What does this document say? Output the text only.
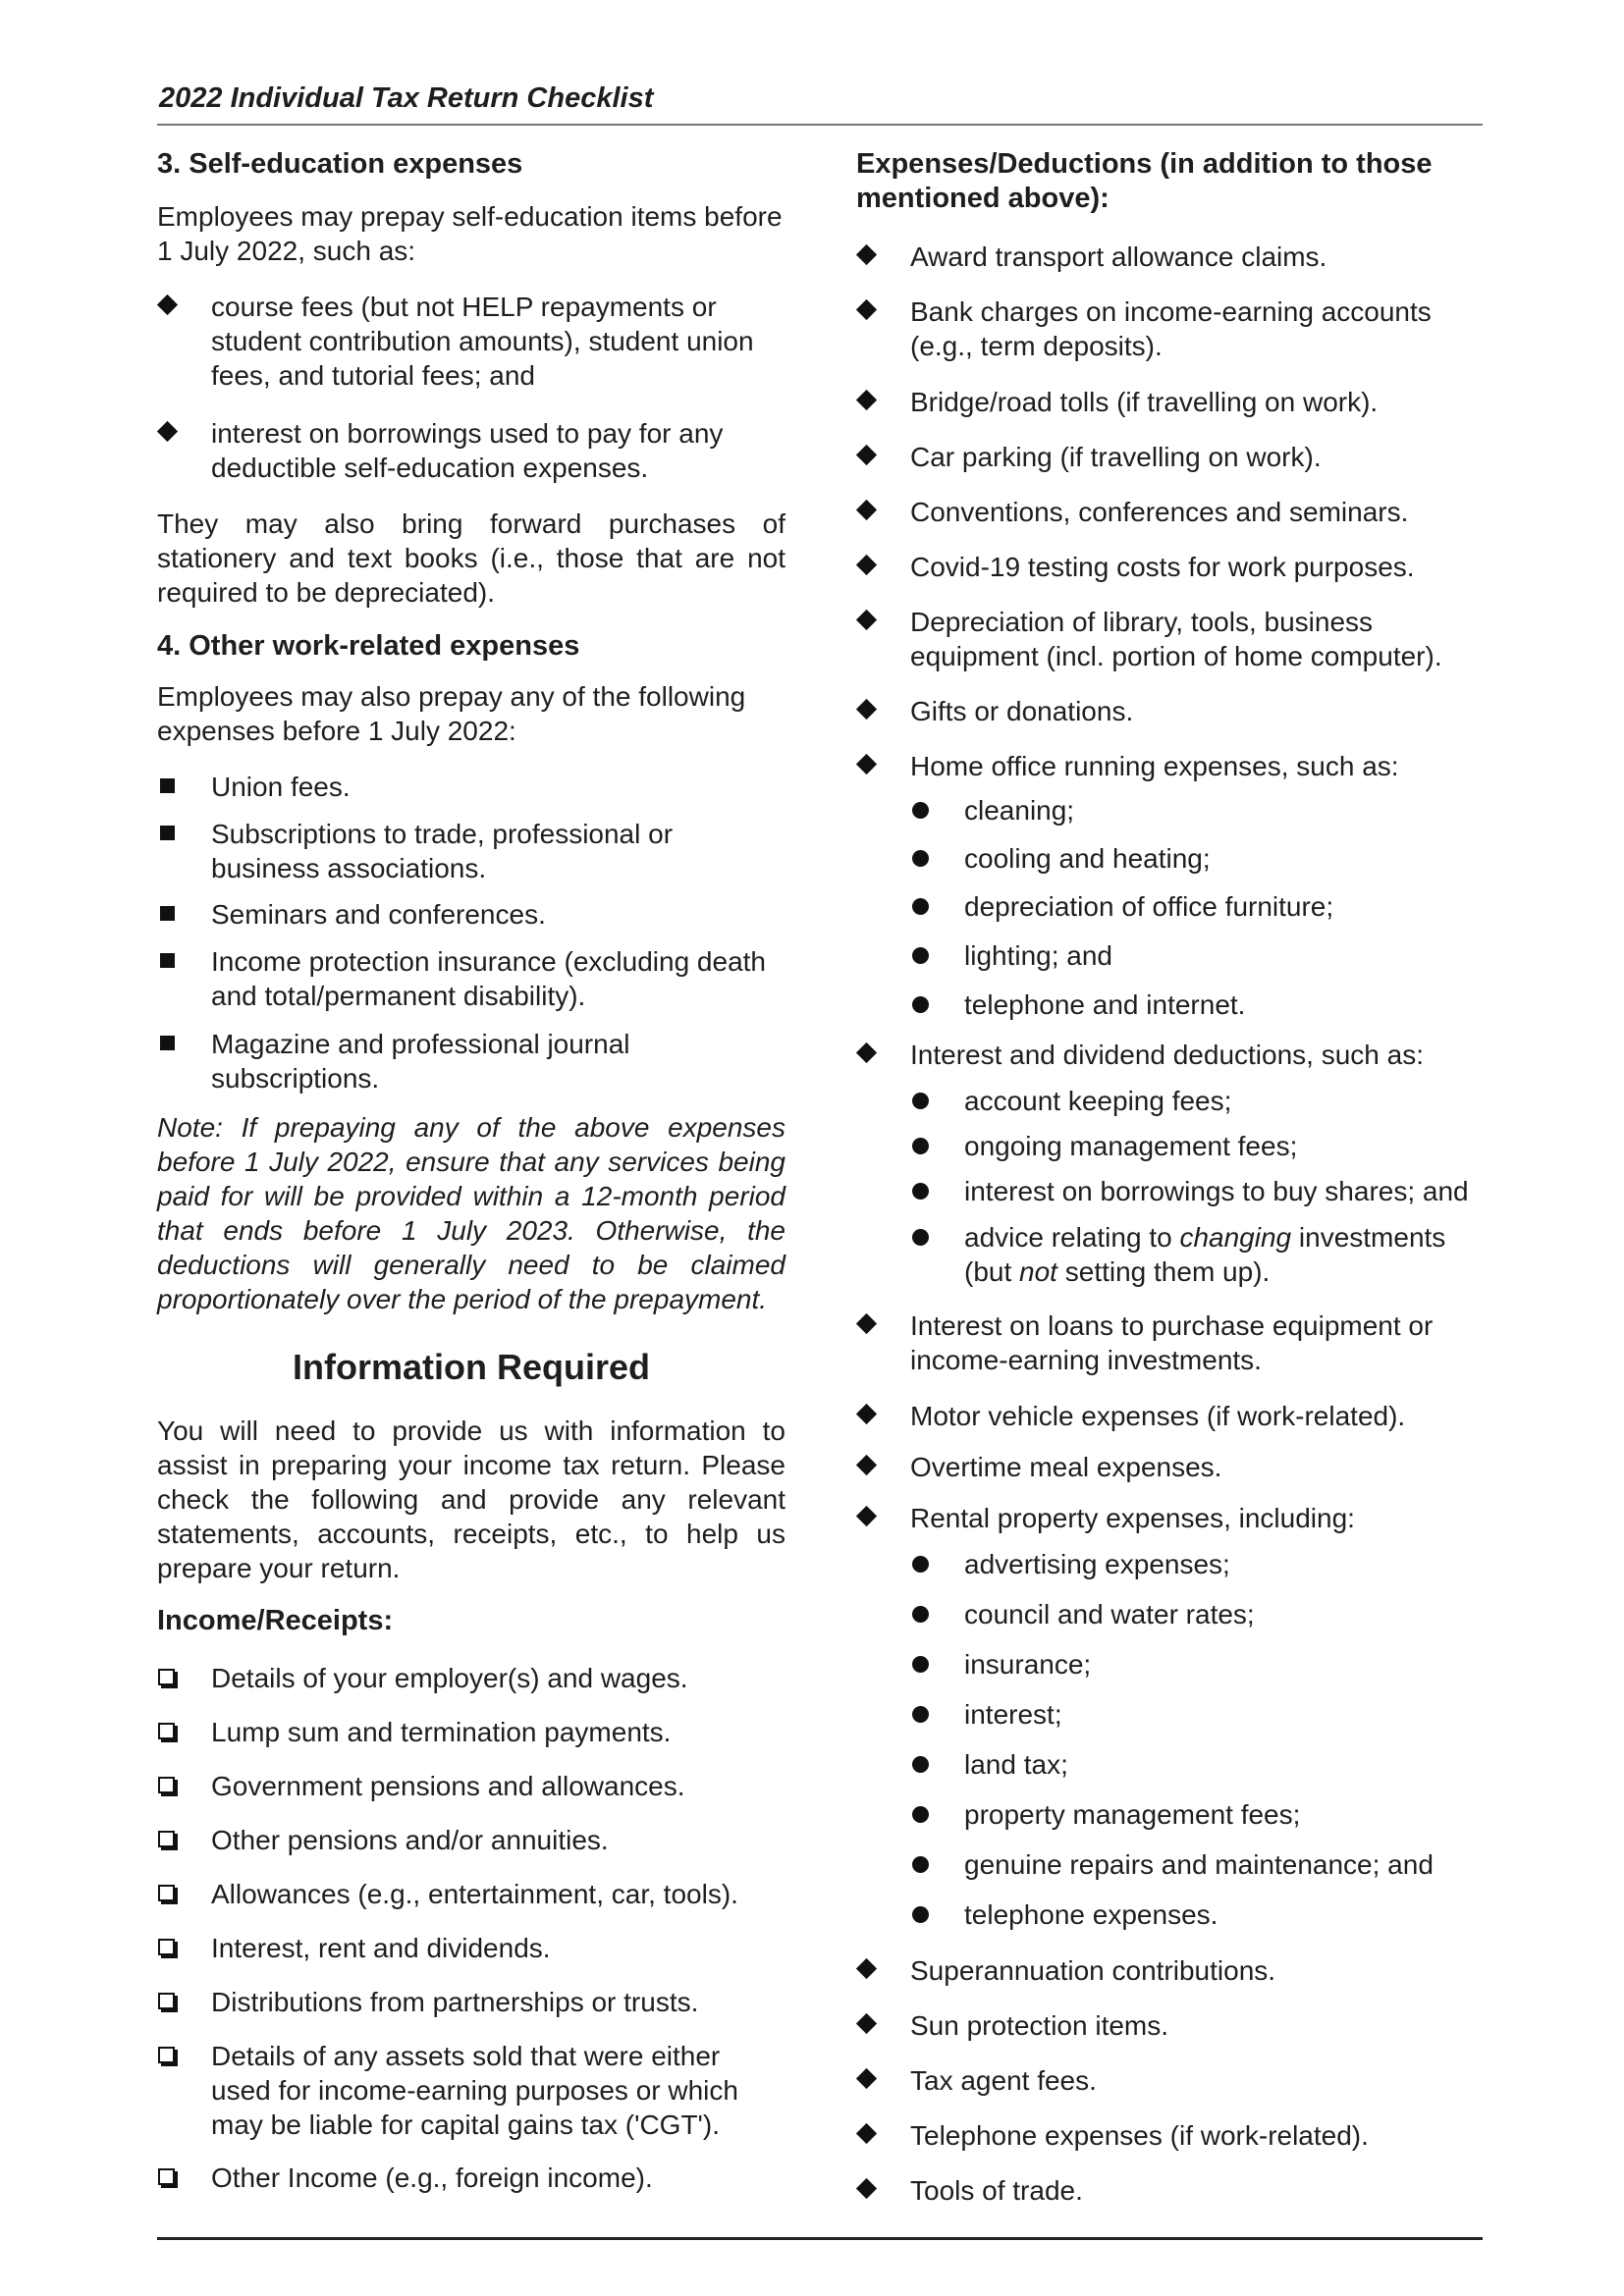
2022 Individual Tax Return Checklist
3. Self-education expenses
Employees may prepay self-education items before 1 July 2022, such as:
course fees (but not HELP repayments or student contribution amounts), student union fees, and tutorial fees; and
interest on borrowings used to pay for any deductible self-education expenses.
They may also bring forward purchases of stationery and text books (i.e., those that are not required to be depreciated).
4. Other work-related expenses
Employees may also prepay any of the following expenses before 1 July 2022:
Union fees.
Subscriptions to trade, professional or business associations.
Seminars and conferences.
Income protection insurance (excluding death and total/permanent disability).
Magazine and professional journal subscriptions.
Note: If prepaying any of the above expenses before 1 July 2022, ensure that any services being paid for will be provided within a 12-month period that ends before 1 July 2023. Otherwise, the deductions will generally need to be claimed proportionately over the period of the prepayment.
Information Required
You will need to provide us with information to assist in preparing your income tax return. Please check the following and provide any relevant statements, accounts, receipts, etc., to help us prepare your return.
Income/Receipts:
Details of your employer(s) and wages.
Lump sum and termination payments.
Government pensions and allowances.
Other pensions and/or annuities.
Allowances (e.g., entertainment, car, tools).
Interest, rent and dividends.
Distributions from partnerships or trusts.
Details of any assets sold that were either used for income-earning purposes or which may be liable for capital gains tax ('CGT').
Other Income (e.g., foreign income).
Expenses/Deductions (in addition to those mentioned above):
Award transport allowance claims.
Bank charges on income-earning accounts (e.g., term deposits).
Bridge/road tolls (if travelling on work).
Car parking (if travelling on work).
Conventions, conferences and seminars.
Covid-19 testing costs for work purposes.
Depreciation of library, tools, business equipment (incl. portion of home computer).
Gifts or donations.
Home office running expenses, such as:
cleaning;
cooling and heating;
depreciation of office furniture;
lighting; and
telephone and internet.
Interest and dividend deductions, such as:
account keeping fees;
ongoing management fees;
interest on borrowings to buy shares; and
advice relating to changing investments (but not setting them up).
Interest on loans to purchase equipment or income-earning investments.
Motor vehicle expenses (if work-related).
Overtime meal expenses.
Rental property expenses, including:
advertising expenses;
council and water rates;
insurance;
interest;
land tax;
property management fees;
genuine repairs and maintenance; and
telephone expenses.
Superannuation contributions.
Sun protection items.
Tax agent fees.
Telephone expenses (if work-related).
Tools of trade.
